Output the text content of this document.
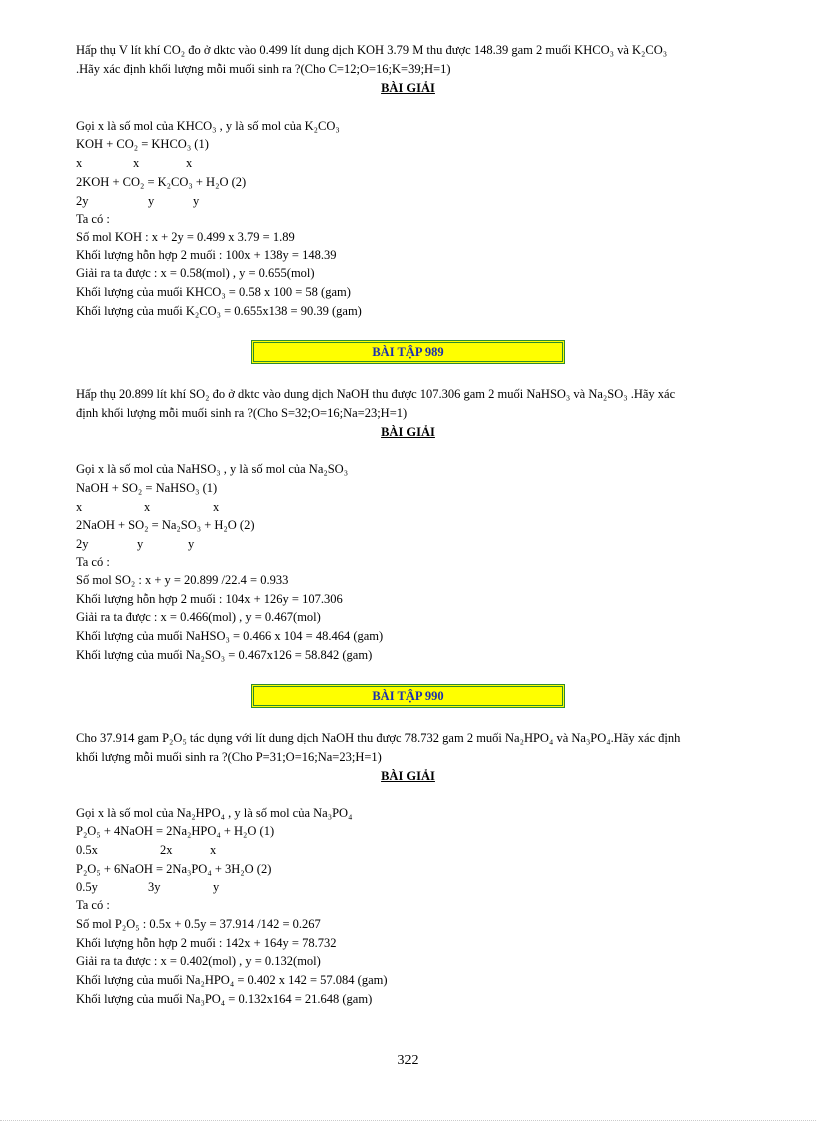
Hấp thụ V lít khí CO₂ đo ở dktc vào 0.499 lít dung dịch KOH 3.79 M thu được 148.39 gam 2 muối KHCO₃ và K₂CO₃
.Hãy xác định khối lượng mỗi muối sinh ra ?(Cho C=12;O=16;K=39;H=1)
BÀI GIẢI
Gọi x là số mol của KHCO₃ , y là số mol của K₂CO₃
KOH + CO₂ = KHCO₃ (1)
x	x	x
2KOH + CO₂ = K₂CO₃ + H₂O (2)
2y	y	y
Ta có :
Số mol KOH : x + 2y = 0.499 x 3.79 = 1.89
Khối lượng hỗn hợp 2 muối : 100x + 138y = 148.39
Giải ra ta được : x = 0.58(mol) , y = 0.655(mol)
Khối lượng của muối KHCO₃ = 0.58 x 100 = 58 (gam)
Khối lượng của muối K₂CO₃ = 0.655x138 = 90.39 (gam)
BÀI TẬP 989
Hấp thụ 20.899 lít khí SO₂ đo ở dktc vào dung dịch NaOH thu được 107.306 gam 2 muối NaHSO₃ và Na₂SO₃ .Hãy xác
định khối lượng mỗi muối sinh ra ?(Cho S=32;O=16;Na=23;H=1)
BÀI GIẢI
Gọi x là số mol của NaHSO₃ , y là số mol của Na₂SO₃
NaOH + SO₂ = NaHSO₃ (1)
x	x	x
2NaOH + SO₂ = Na₂SO₃ + H₂O (2)
2y	y	y
Ta có :
Số mol SO₂ : x + y = 20.899 /22.4 = 0.933
Khối lượng hỗn hợp 2 muối : 104x + 126y = 107.306
Giải ra ta được : x = 0.466(mol) , y = 0.467(mol)
Khối lượng của muối NaHSO₃ = 0.466 x 104 = 48.464 (gam)
Khối lượng của muối Na₂SO₃ = 0.467x126 = 58.842 (gam)
BÀI TẬP 990
Cho 37.914 gam P₂O₅ tác dụng với lít dung dịch NaOH thu được 78.732 gam 2 muối Na₂HPO₄ và Na₃PO₄.Hãy xác định
khối lượng mỗi muối sinh ra ?(Cho P=31;O=16;Na=23;H=1)
BÀI GIẢI
Gọi x là số mol của Na₂HPO₄ , y là số mol của Na₃PO₄
P₂O₅ + 4NaOH = 2Na₂HPO₄ + H₂O (1)
0.5x	2x	x
P₂O₅ + 6NaOH = 2Na₃PO₄ + 3H₂O (2)
0.5y	3y	y
Ta có :
Số mol P₂O₅ : 0.5x + 0.5y = 37.914 /142 = 0.267
Khối lượng hỗn hợp 2 muối : 142x + 164y = 78.732
Giải ra ta được : x = 0.402(mol) , y = 0.132(mol)
Khối lượng của muối Na₂HPO₄ = 0.402 x 142 = 57.084 (gam)
Khối lượng của muối Na₃PO₄ = 0.132x164 = 21.648 (gam)
322
